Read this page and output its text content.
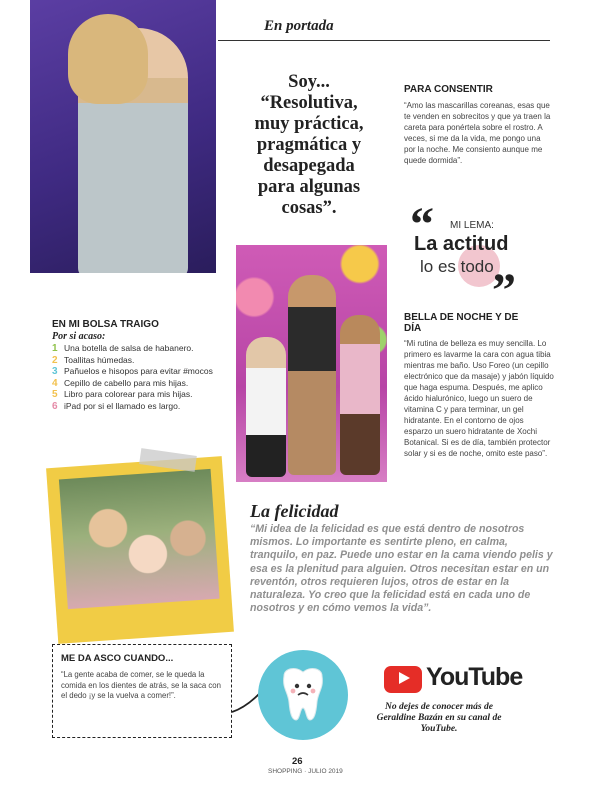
En portada
Soy... “Resolutiva, muy práctica, pragmática y desapegada para algunas cosas”.
PARA CONSENTIR
“Amo las mascarillas coreanas, esas que te venden en sobrecitos y que ya traen la careta para ponértela sobre el rostro. A veces, si me da la vida, me pongo una por la noche. Me consiento aunque me quede dormida”.
“ MI LEMA:
La actitud
lo es todo
”
EN MI BOLSA TRAIGO
Por si acaso:
1 Una botella de salsa de habanero.
2 Toallitas húmedas.
3 Pañuelos e hisopos para evitar #mocos
4 Cepillo de cabello para mis hijas.
5 Libro para colorear para mis hijas.
6 iPad por si el llamado es largo.
BELLA DE NOCHE Y DE DÍA
“Mi rutina de belleza es muy sencilla. Lo primero es lavarme la cara con agua tibia mientras me baño. Uso Foreo (un cepillo electrónico que da masaje) y jabón líquido que haga espuma. Después, me aplico ácido hialurónico, luego un suero de vitamina C y para terminar, un gel hidratante. En el contorno de ojos esparzo un suero hidratante de Xochi Botanical. Si es de día, también protector solar y si es de noche, omito este paso”.
La felicidad
“Mi idea de la felicidad es que está dentro de nosotros mismos. Lo importante es sentirte pleno, en calma, tranquilo, en paz. Puede uno estar en la cama viendo pelis y esa es la plenitud para alguien. Otros necesitan estar en un reventón, otros requieren lujos, otros de estar en la naturaleza. Yo creo que la felicidad está en cada uno de nosotros y en cómo vemos la vida”.
ME DA ASCO CUANDO...
“La gente acaba de comer, se le queda la comida en los dientes de atrás, se la saca con el dedo ¡y se la vuelva a comer!”.
YouTube
No dejes de conocer más de Geraldine Bazán en su canal de YouTube.
26
SHOPPING · JULIO 2019
